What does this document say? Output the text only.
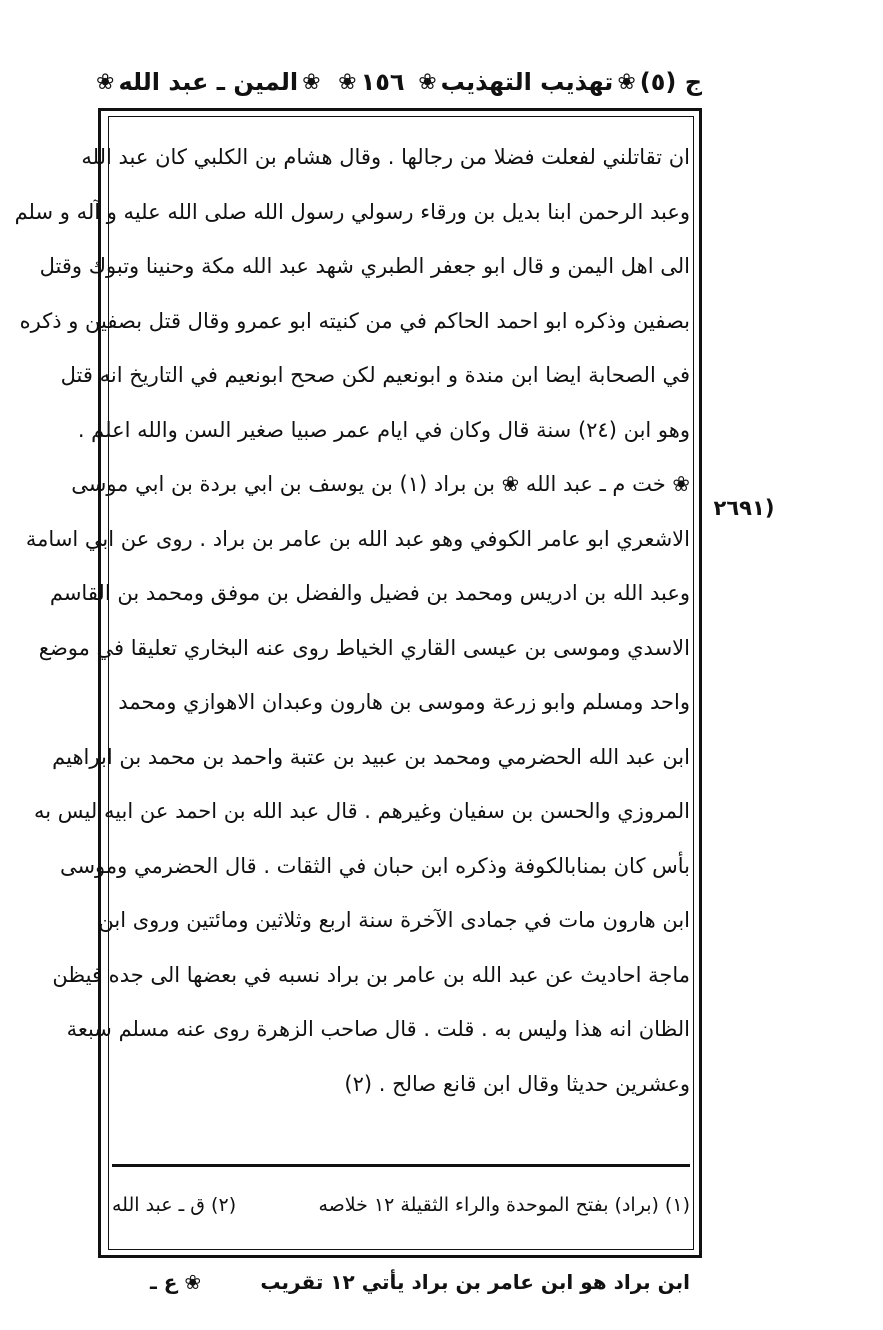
ج (٥)
❀
تهذيب التهذيب
❀
١٥٦
❀
❀
المين ـ عبد الله
❀
(٢٦٩١
ان تقاتلني لفعلت فضلا من رجالها . وقال هشام بن الكلبي كان عبد الله
وعبد الرحمن ابنا بديل بن ورقاء رسولي رسول الله صلى الله عليه و آله و سلم
الى اهل اليمن و قال ابو جعفر الطبري شهد عبد الله مكة وحنينا وتبوك وقتل
بصفين وذكره ابو احمد الحاكم في من كنيته ابو عمرو وقال قتل بصفين و ذكره
في الصحابة ايضا ابن مندة و ابونعيم لكن صحح ابونعيم في التاريخ انه قتل
وهو ابن (٢٤) سنة قال وكان في ايام عمر صبيا صغير السن والله اعلم .
❀ خت م ـ عبد الله ❀ بن براد (١) بن يوسف بن ابي بردة بن ابي موسى
الاشعري ابو عامر الكوفي وهو عبد الله بن عامر بن براد . روى عن ابي اسامة
وعبد الله بن ادريس ومحمد بن فضيل والفضل بن موفق ومحمد بن القاسم
الاسدي وموسى بن عيسى القاري الخياط روى عنه البخاري تعليقا في موضع
واحد ومسلم وابو زرعة وموسى بن هارون وعبدان الاهوازي ومحمد
ابن عبد الله الحضرمي ومحمد بن عبيد بن عتبة واحمد بن محمد بن ابراهيم
المروزي والحسن بن سفيان وغيرهم . قال عبد الله بن احمد عن ابيه ليس به
بأس كان بمنابالكوفة وذكره ابن حبان في الثقات . قال الحضرمي وموسى
ابن هارون مات في جمادى الآخرة سنة اربع وثلاثين ومائتين وروى ابن
ماجة احاديث عن عبد الله بن عامر بن براد نسبه في بعضها الى جده فيظن
الظان انه هذا وليس به . قلت . قال صاحب الزهرة روى عنه مسلم سبعة
وعشرين حديثا وقال ابن قانع صالح . (٢)
(١) (براد) بفتح الموحدة والراء الثقيلة ١٢ خلاصه
(٢) ق ـ عبد الله
ابن براد هو ابن عامر بن براد يأتي ١٢ تقريب
❀ ع ـ
